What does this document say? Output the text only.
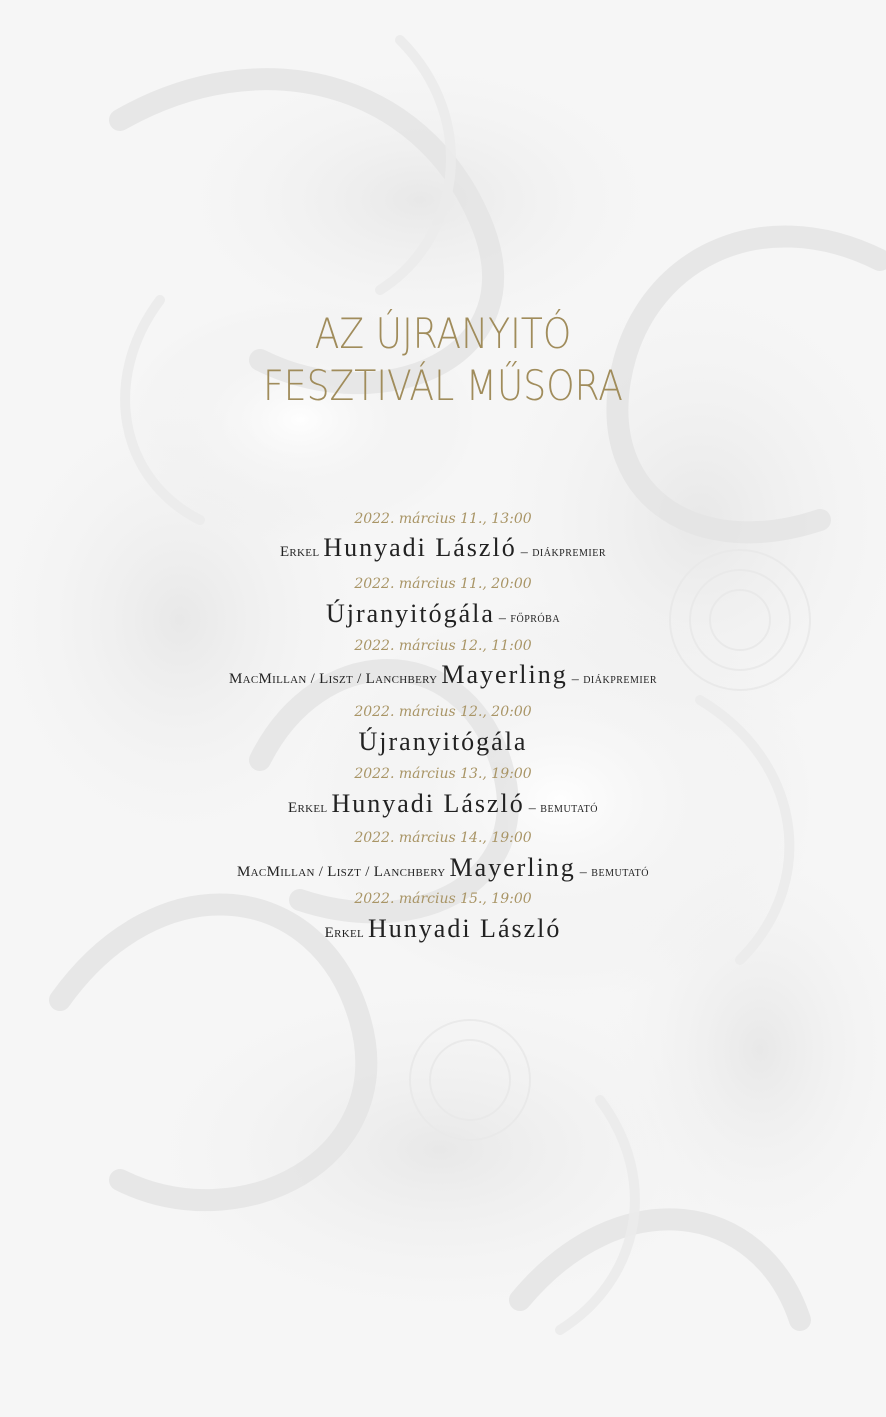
AZ ÚJRANYITÓ
FESZTIVÁL MŰSORA
2022. március 11., 13:00
Erkel Hunyadi László – diákpremier
2022. március 11., 20:00
Újranyitógála – főpróba
2022. március 12., 11:00
MacMillan / Liszt / Lanchbery Mayerling – diákpremier
2022. március 12., 20:00
Újranyitógála
2022. március 13., 19:00
Erkel Hunyadi László – bemutató
2022. március 14., 19:00
MacMillan / Liszt / Lanchbery Mayerling – bemutató
2022. március 15., 19:00
Erkel Hunyadi László
